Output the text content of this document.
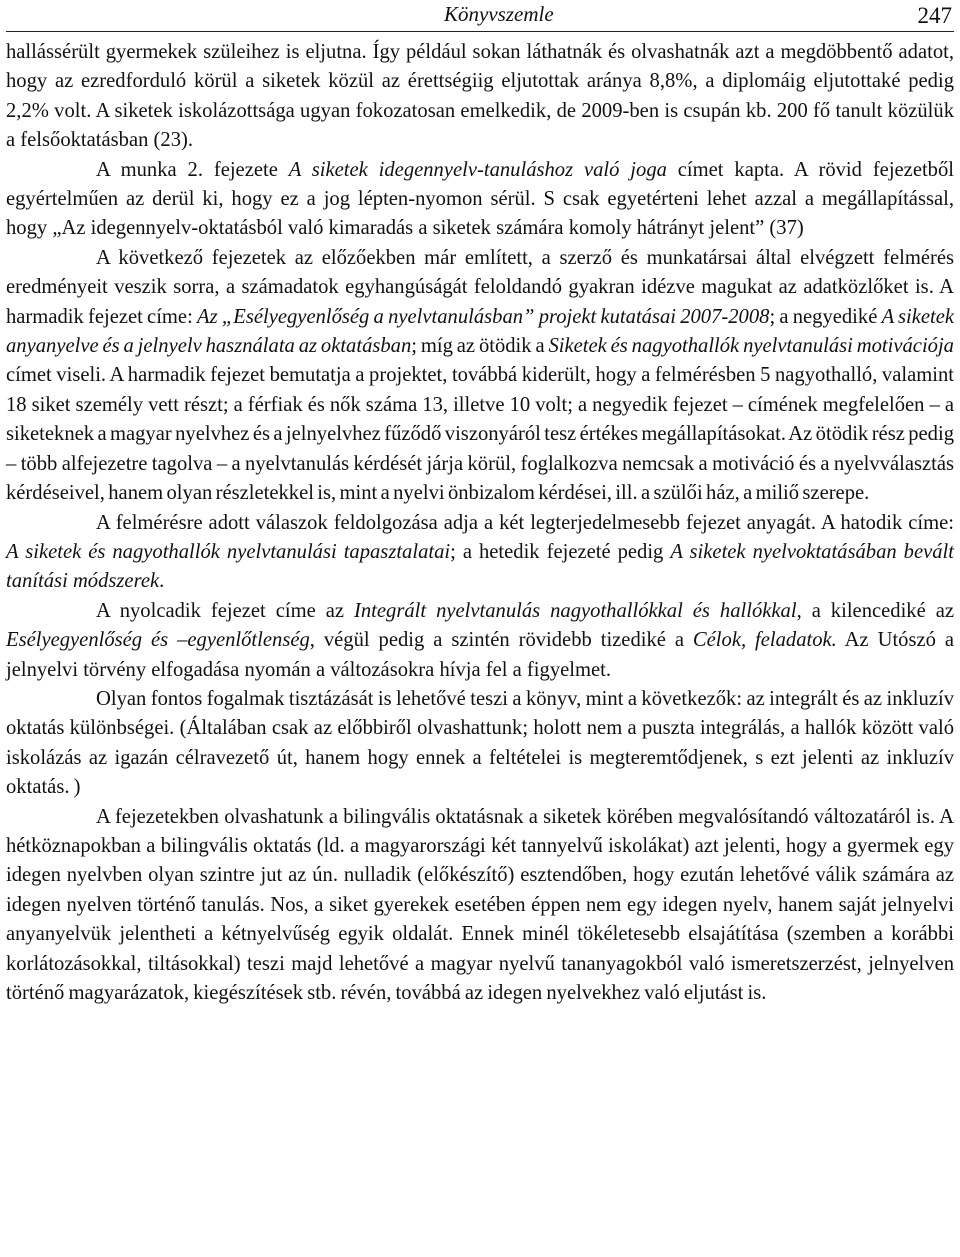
Könyvszemle	247

hallássérült gyermekek szüleihez is eljutna. Így például sokan láthatnák és olvashatnák azt a megdöbbentő adatot, hogy az ezredforduló körül a siketek közül az érettségiig eljutottak aránya 8,8%, a diplomáig eljutottaké pedig 2,2% volt. A siketek iskolázottsága ugyan fokozatosan emelkedik, de 2009-ben is csupán kb. 200 fő tanult közülük a felsőoktatásban (23).

A munka 2. fejezete A siketek idegennyelv-tanuláshoz való joga címet kapta. A rövid fejezetből egyértelműen az derül ki, hogy ez a jog lépten-nyomon sérül. S csak egyetérteni lehet azzal a megállapítással, hogy „Az idegennyelv-oktatásból való kimaradás a siketek számára komoly hátrányt jelent” (37)

A következő fejezetek az előzőekben már említett, a szerző és munkatársai által elvégzett felmérés eredményeit veszik sorra, a számadatok egyhangúságát feloldandó gyakran idézve magukat az adatközlőket is. A harmadik fejezet címe: Az „Esélyegyenlőség a nyelvtanulásban” projekt kutatásai 2007-2008; a negyediké A siketek anyanyelve és a jelnyelv használata az oktatásban; míg az ötödik a Siketek és nagyothallók nyelvtanulási motivációja címet viseli. A harmadik fejezet bemutatja a projektet, továbbá kiderült, hogy a felmérésben 5 nagyothalló, valamint 18 siket személy vett részt; a férfiak és nők száma 13, illetve 10 volt; a negyedik fejezet – címének megfelelően – a siketeknek a magyar nyelvhez és a jelnyelvhez fűződő viszonyáról tesz értékes megállapításokat. Az ötödik rész pedig – több alfejezetre tagolva – a nyelvtanulás kérdését járja körül, foglalkozva nemcsak a motiváció és a nyelvválasztás kérdéseivel, hanem olyan részletekkel is, mint a nyelvi önbizalom kérdései, ill. a szülői ház, a miliő szerepe.

A felmérésre adott válaszok feldolgozása adja a két legterjedelmesebb fejezet anyagát. A hatodik címe: A siketek és nagyothallók nyelvtanulási tapasztalatai; a hetedik fejezeté pedig A siketek nyelvoktatásában bevált tanítási módszerek.

A nyolcadik fejezet címe az Integrált nyelvtanulás nagyothallókkal és hallókkal, a kilencediké az Esélyegyenlőség és –egyenlőtlenség, végül pedig a szintén rövidebb tizediké a Célok, feladatok. Az Utószó a jelnyelvi törvény elfogadása nyomán a változásokra hívja fel a figyelmet.

Olyan fontos fogalmak tisztázását is lehetővé teszi a könyv, mint a következők: az integrált és az inkluzív oktatás különbségei. (Általában csak az előbbiről olvashattunk; holott nem a puszta integrálás, a hallók között való iskolázás az igazán célravezető út, hanem hogy ennek a feltételei is megteremtődjenek, s ezt jelenti az inkluzív oktatás. )

A fejezetekben olvashatunk a bilingvális oktatásnak a siketek körében megvalósítandó változatáról is. A hétköznapokban a bilingvális oktatás (ld. a magyarországi két tannyelvű iskolákat) azt jelenti, hogy a gyermek egy idegen nyelvben olyan szintre jut az ún. nulladik (előkészítő) esztendőben, hogy ezután lehetővé válik számára az idegen nyelven történő tanulás. Nos, a siket gyerekek esetében éppen nem egy idegen nyelv, hanem saját jelnyelvi anyanyelvük jelentheti a kétnyelvűség egyik oldalát. Ennek minél tökéletesebb elsajátítása (szemben a korábbi korlátozásokkal, tiltásokkal) teszi majd lehetővé a magyar nyelvű tananyagokból való ismeretszerzést, jelnyelven történő magyarázatok, kiegészítések stb. révén, továbbá az idegen nyelvekhez való eljutást is.
